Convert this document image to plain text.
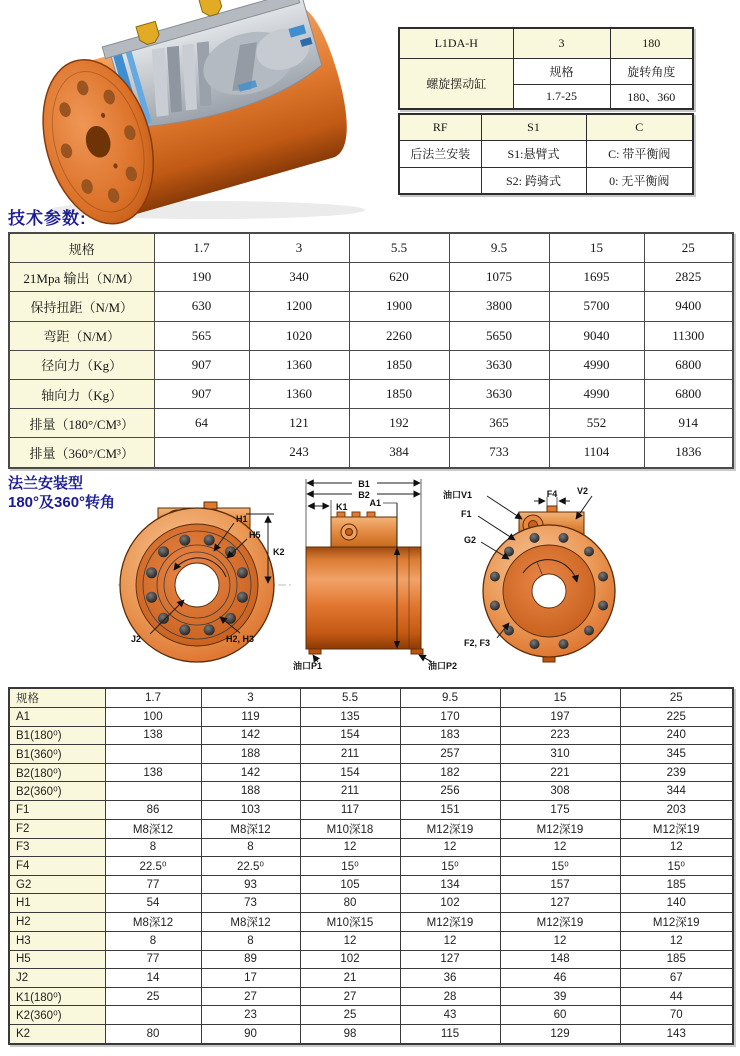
L1DA-H	3	180
螺旋摆动缸	规格	旋转角度
	1.7-25	180、360
RF	S1	C
后法兰安装	S1:悬臂式	C: 带平衡阀
	S2: 跨骑式	0: 无平衡阀
技术参数:
规格	1.7	3	5.5	9.5	15	25
21Mpa 输出（N/M）	190	340	620	1075	1695	2825
保持扭距（N/M）	630	1200	1900	3800	5700	9400
弯距（N/M）	565	1020	2260	5650	9040	11300
径向力（Kg）	907	1360	1850	3630	4990	6800
轴向力（Kg）	907	1360	1850	3630	4990	6800
排量（180°/CM³）	64	121	192	365	552	914
排量（360°/CM³）		243	384	733	1104	1836
法兰安装型
180°及360°转角
K2
H1
H5
J2	H2, H3
B1
B2
K1 A1
油口P1	油口P2
F4
油口V1	V2
F1
G2
F2, F3
规格	1.7	3	5.5	9.5	15	25
A1	100	119	135	170	197	225
B1(180⁰)	138	142	154	183	223	240
B1(360⁰)		188	211	257	310	345
B2(180⁰)	138	142	154	182	221	239
B2(360⁰)		188	211	256	308	344
F1	86	103	117	151	175	203
F2	M8深12	M8深12	M10深18	M12深19	M12深19	M12深19
F3	8	8	12	12	12	12
F4	22.5⁰	22.5⁰	15⁰	15⁰	15⁰	15⁰
G2	77	93	105	134	157	185
H1	54	73	80	102	127	140
H2	M8深12	M8深12	M10深15	M12深19	M12深19	M12深19
H3	8	8	12	12	12	12
H5	77	89	102	127	148	185
J2	14	17	21	36	46	67
K1(180⁰)	25	27	27	28	39	44
K2(360⁰)		23	25	43	60	70
K2	80	90	98	115	129	143
